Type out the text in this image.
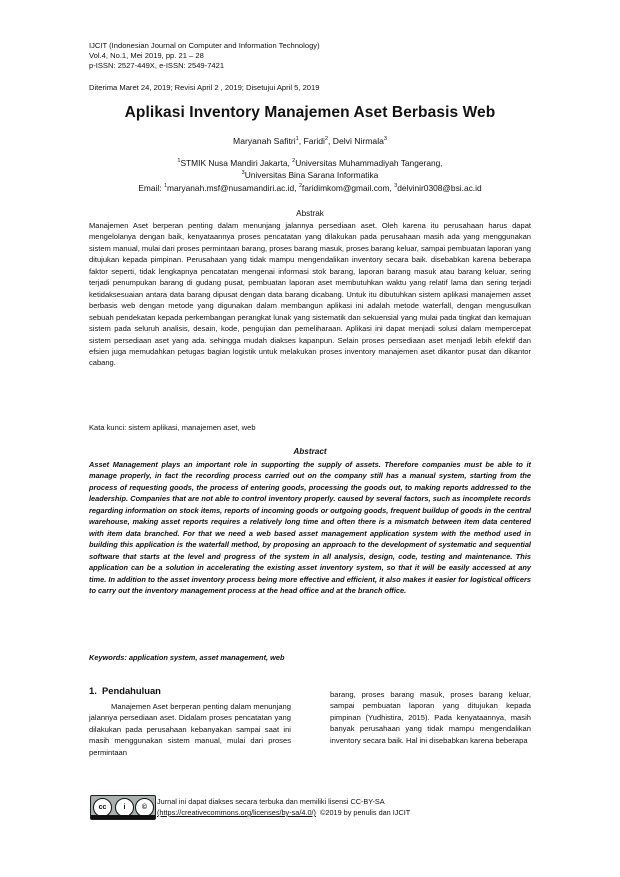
IJCIT (Indonesian Journal on Computer and Information Technology)
Vol.4, No.1, Mei 2019, pp. 21 – 28
p-ISSN: 2527-449X, e-ISSN: 2549-7421
Diterima Maret 24, 2019; Revisi April 2 , 2019; Disetujui April 5, 2019
Aplikasi Inventory Manajemen Aset Berbasis Web
Maryanah Safitri$^1$, Faridi$^2$, Delvi Nirmala$^3$
$^1$STMIK Nusa Mandiri Jakarta, $^2$Universitas Muhammadiyah Tangerang,
$^3$Universitas Bina Sarana Informatika
Email: $^1$maryanah.msf@nusamandiri.ac.id, $^2$faridimkom@gmail.com, $^3$delvinir0308@bsi.ac.id
Abstrak
Manajemen Aset berperan penting dalam menunjang jalannya persediaan aset. Oleh karena itu perusahaan harus dapat mengelolanya dengan baik, kenyataannya proses pencatatan yang dilakukan pada perusahaan masih ada yang menggunakan sistem manual, mulai dari proses permintaan barang, proses barang masuk, proses barang keluar, sampai pembuatan laporan yang ditujukan kepada pimpinan. Perusahaan yang tidak mampu mengendalikan inventory secara baik. disebabkan karena beberapa faktor seperti, tidak lengkapnya pencatatan mengenai informasi stok barang, laporan barang masuk atau barang keluar, sering terjadi penumpukan barang di gudang pusat, pembuatan laporan aset membutuhkan waktu yang relatif lama dan sering terjadi ketidaksesuaian antara data barang dipusat dengan data barang dicabang. Untuk itu dibutuhkan sistem aplikasi manajemen asset berbasis web dengan metode yang digunakan dalam membangun aplikasi ini adalah metode waterfall, dengan mengusulkan sebuah pendekatan kepada perkembangan perangkat lunak yang sistematik dan sekuensial yang mulai pada tingkat dan kemajuan sistem pada seluruh analisis, desain, kode, pengujian dan pemeliharaan. Aplikasi ini dapat menjadi solusi dalam mempercepat sistem persediaan aset yang ada. sehingga mudah diakses kapanpun. Selain proses persediaan aset menjadi lebih efektif dan efsien juga memudahkan petugas bagian logistik untuk melakukan proses inventory manajemen aset dikantor pusat dan dikantor cabang.
Kata kunci: sistem aplikasi, manajemen aset, web
Abstract
Asset Management plays an important role in supporting the supply of assets. Therefore companies must be able to it manage properly, in fact the recording process carried out on the company still has a manual system, starting from the process of requesting goods, the process of entering goods, processing the goods out, to making reports addressed to the leadership. Companies that are not able to control inventory properly. caused by several factors, such as incomplete records regarding information on stock items, reports of incoming goods or outgoing goods, frequent buildup of goods in the central warehouse, making asset reports requires a relatively long time and often there is a mismatch between item data centered with item data branched. For that we need a web based asset management application system with the method used in building this application is the waterfall method, by proposing an approach to the development of systematic and sequential software that starts at the level and progress of the system in all analysis, design, code, testing and maintenance. This application can be a solution in accelerating the existing asset inventory system, so that it will be easily accessed at any time. In addition to the asset inventory process being more effective and efficient, it also makes it easier for logistical officers to carry out the inventory management process at the head office and at the branch office.
Keywords: application system, asset management, web
1. Pendahuluan
Manajemen Aset berperan penting dalam menunjang jalannya persediaan aset. Didalam proses pencatatan yang dilakukan pada perusahaan kebanyakan sampai saat ini masih menggunakan sistem manual, mulai dari proses permintaan
barang, proses barang masuk, proses barang keluar, sampai pembuatan laporan yang ditujukan kepada pimpinan (Yudhistira, 2015). Pada kenyataannya, masih banyak perusahaan yang tidak mampu mengendalikan inventory secara baik. Hal ini disebabkan karena beberapa
cc	i	©
Jurnal ini dapat diakses secara terbuka dan memiliki lisensi CC-BY-SA
(https://creativecommons.org/licenses/by-sa/4.0/) ©2019 by penulis dan IJCIT
